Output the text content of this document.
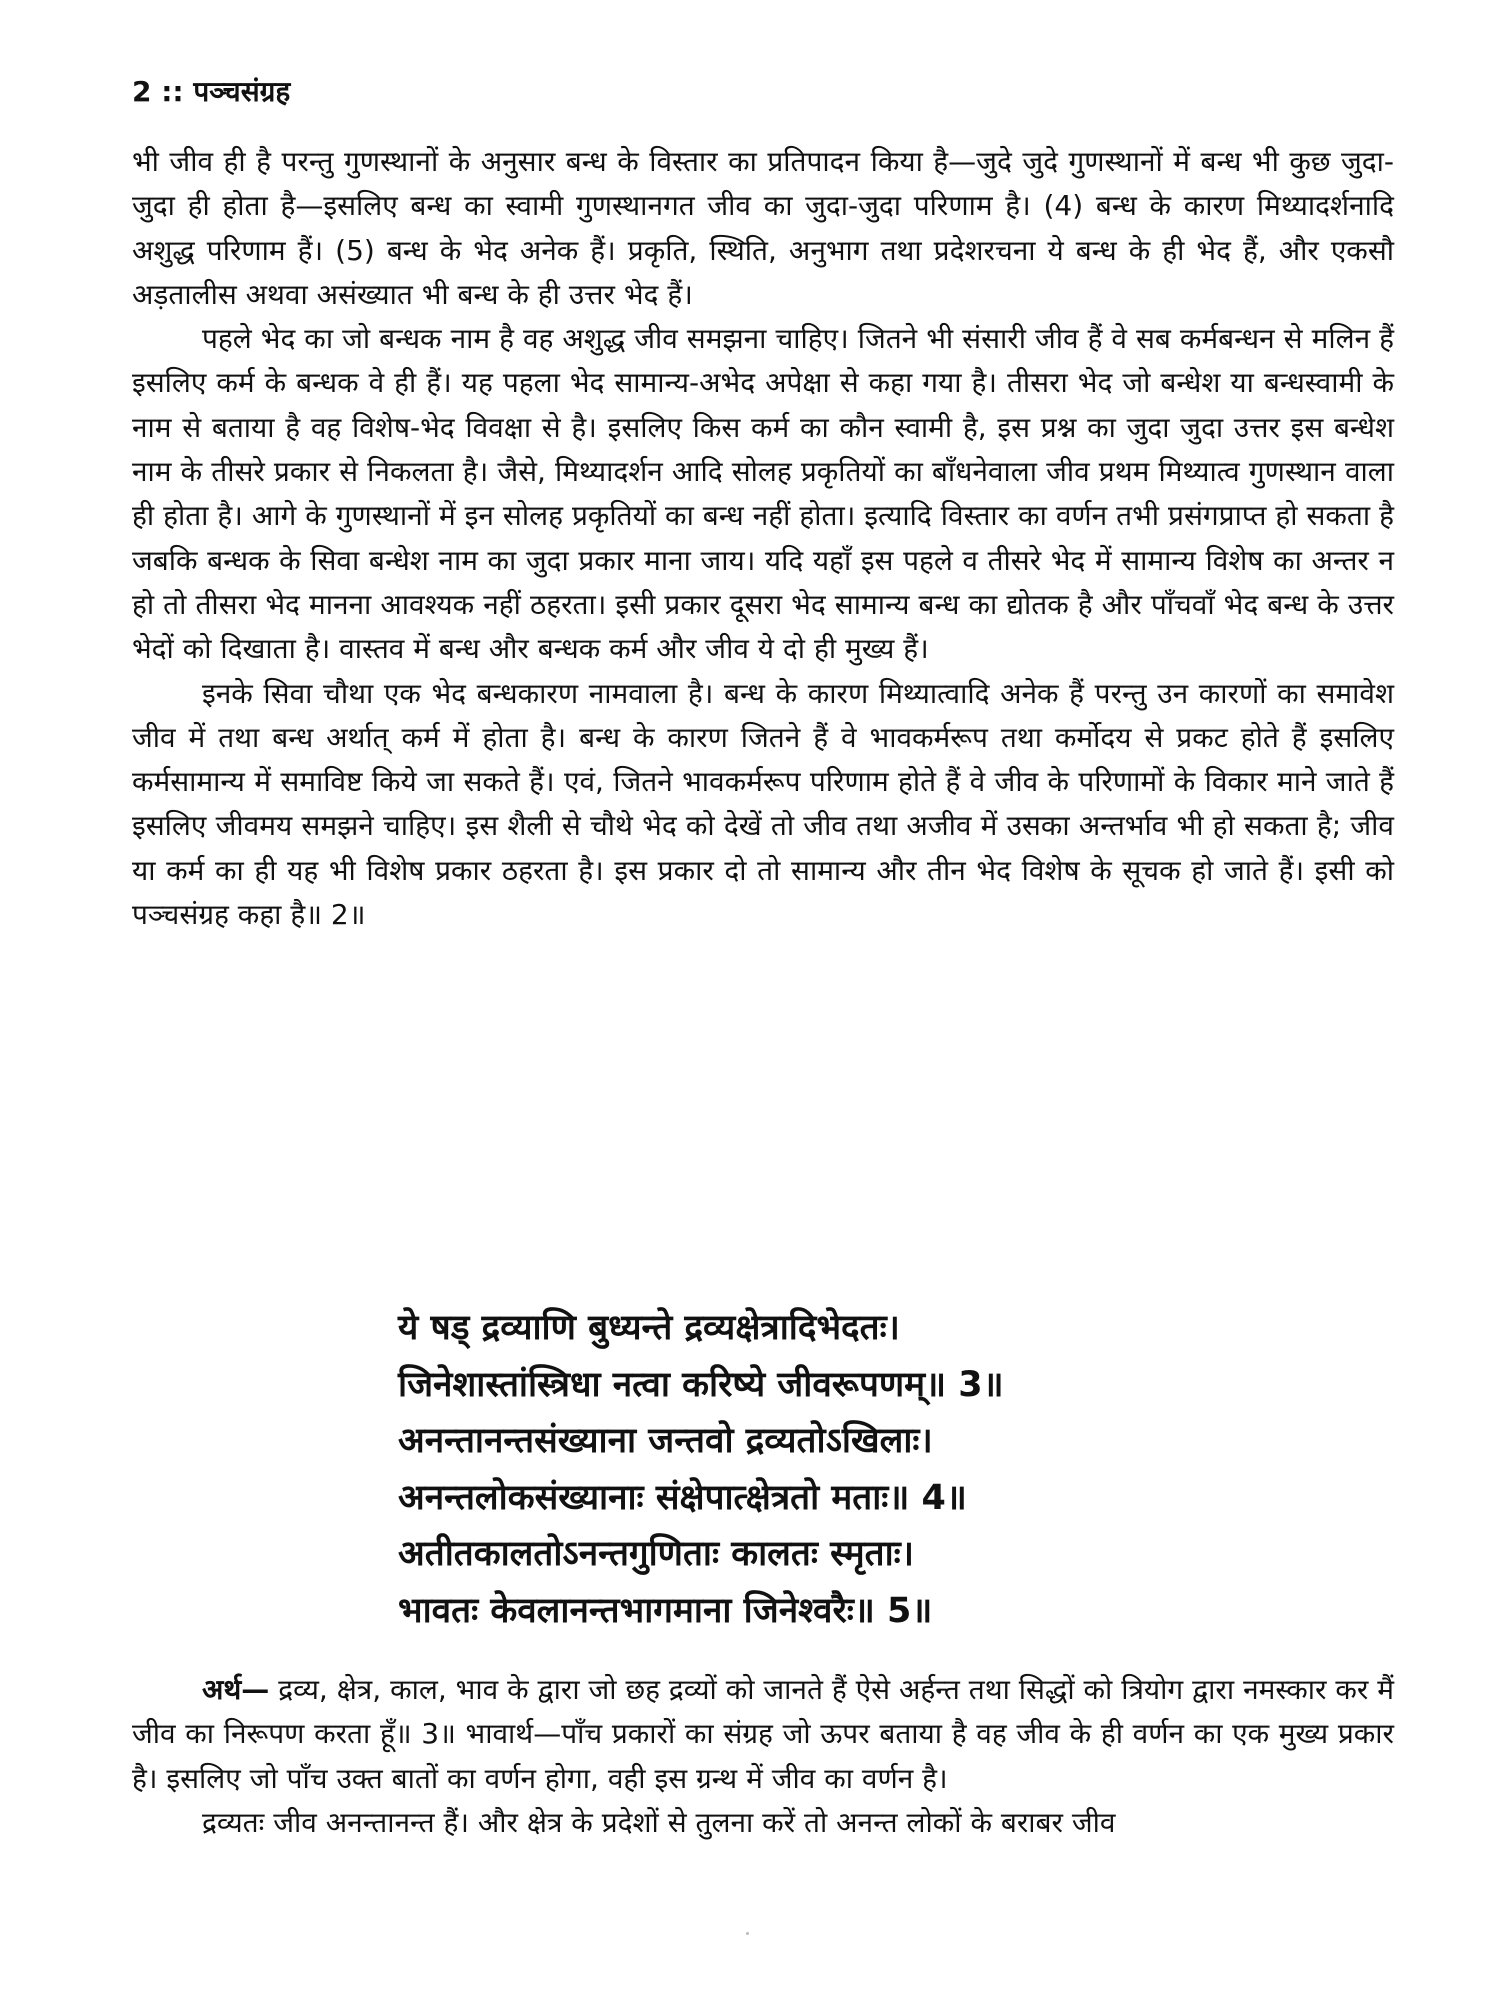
2 :: पञ्चसंग्रह

भी जीव ही है परन्तु गुणस्थानों के अनुसार बन्ध के विस्तार का प्रतिपादन किया है—जुदे जुदे गुणस्थानों में बन्ध भी कुछ जुदा-जुदा ही होता है—इसलिए बन्ध का स्वामी गुणस्थानगत जीव का जुदा-जुदा परिणाम है। (4) बन्ध के कारण मिथ्यादर्शनादि अशुद्ध परिणाम हैं। (5) बन्ध के भेद अनेक हैं। प्रकृति, स्थिति, अनुभाग तथा प्रदेशरचना ये बन्ध के ही भेद हैं, और एकसौ अड़तालीस अथवा असंख्यात भी बन्ध के ही उत्तर भेद हैं।

पहले भेद का जो बन्धक नाम है वह अशुद्ध जीव समझना चाहिए। जितने भी संसारी जीव हैं वे सब कर्मबन्धन से मलिन हैं इसलिए कर्म के बन्धक वे ही हैं। यह पहला भेद सामान्य-अभेद अपेक्षा से कहा गया है। तीसरा भेद जो बन्धेश या बन्धस्वामी के नाम से बताया है वह विशेष-भेद विवक्षा से है। इसलिए किस कर्म का कौन स्वामी है, इस प्रश्न का जुदा जुदा उत्तर इस बन्धेश नाम के तीसरे प्रकार से निकलता है। जैसे, मिथ्यादर्शन आदि सोलह प्रकृतियों का बाँधनेवाला जीव प्रथम मिथ्यात्व गुणस्थान वाला ही होता है। आगे के गुणस्थानों में इन सोलह प्रकृतियों का बन्ध नहीं होता। इत्यादि विस्तार का वर्णन तभी प्रसंगप्राप्त हो सकता है जबकि बन्धक के सिवा बन्धेश नाम का जुदा प्रकार माना जाय। यदि यहाँ इस पहले व तीसरे भेद में सामान्य विशेष का अन्तर न हो तो तीसरा भेद मानना आवश्यक नहीं ठहरता। इसी प्रकार दूसरा भेद सामान्य बन्ध का द्योतक है और पाँचवाँ भेद बन्ध के उत्तर भेदों को दिखाता है। वास्तव में बन्ध और बन्धक कर्म और जीव ये दो ही मुख्य हैं।

इनके सिवा चौथा एक भेद बन्धकारण नामवाला है। बन्ध के कारण मिथ्यात्वादि अनेक हैं परन्तु उन कारणों का समावेश जीव में तथा बन्ध अर्थात् कर्म में होता है। बन्ध के कारण जितने हैं वे भावकर्मरूप तथा कर्मोदय से प्रकट होते हैं इसलिए कर्मसामान्य में समाविष्ट किये जा सकते हैं। एवं, जितने भावकर्मरूप परिणाम होते हैं वे जीव के परिणामों के विकार माने जाते हैं इसलिए जीवमय समझने चाहिए। इस शैली से चौथे भेद को देखें तो जीव तथा अजीव में उसका अन्तर्भाव भी हो सकता है; जीव या कर्म का ही यह भी विशेष प्रकार ठहरता है। इस प्रकार दो तो सामान्य और तीन भेद विशेष के सूचक हो जाते हैं। इसी को पञ्चसंग्रह कहा है॥ 2॥

ये षड् द्रव्याणि बुध्यन्ते द्रव्यक्षेत्रादिभेदतः।
जिनेशास्तांस्त्रिधा नत्वा करिष्ये जीवरूपणम्॥ 3॥
अनन्तानन्तसंख्याना जन्तवो द्रव्यतोऽखिलाः।
अनन्तलोकसंख्यानाः संक्षेपात्क्षेत्रतो मताः॥ 4॥
अतीतकालतोऽनन्तगुणिताः कालतः स्मृताः।
भावतः केवलानन्तभागमाना जिनेश्वरैः॥ 5॥

अर्थ— द्रव्य, क्षेत्र, काल, भाव के द्वारा जो छह द्रव्यों को जानते हैं ऐसे अर्हन्त तथा सिद्धों को त्रियोग द्वारा नमस्कार कर मैं जीव का निरूपण करता हूँ॥ 3॥ भावार्थ—पाँच प्रकारों का संग्रह जो ऊपर बताया है वह जीव के ही वर्णन का एक मुख्य प्रकार है। इसलिए जो पाँच उक्त बातों का वर्णन होगा, वही इस ग्रन्थ में जीव का वर्णन है।

द्रव्यतः जीव अनन्तानन्त हैं। और क्षेत्र के प्रदेशों से तुलना करें तो अनन्त लोकों के बराबर जीव
